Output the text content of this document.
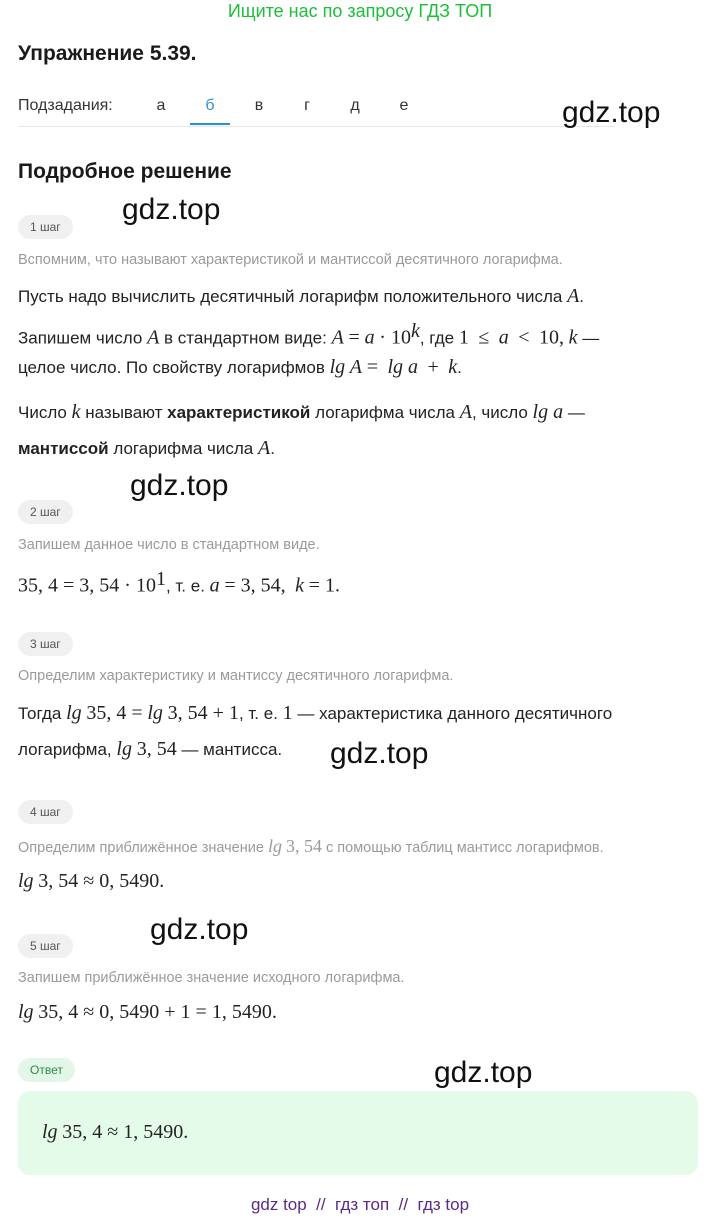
Ищите нас по запросу ГДЗ ТОП
Упражнение 5.39.
Подзадания:	а	б	в	г	д	е	gdz.top
Подробное решение
gdz.top
1 шаг
Вспомним, что называют характеристикой и мантиссой десятичного логарифма.
Пусть надо вычислить десятичный логарифм положительного числа A.
Запишем число A в стандартном виде: $A = a \cdot 10^k$, где 1 ≤ a < 10, k —
целое число. По свойству логарифмов lg A = lg a + k.
Число k называют характеристикой логарифма числа A, число lg a —
мантиссой логарифма числа A.
gdz.top
2 шаг
Запишем данное число в стандартном виде.
35, 4 = 3, $54 \cdot 10^1$, т. е. a = 3, 54, k = 1.
3 шаг
Определим характеристику и мантиссу десятичного логарифма.
Тогда lg 35, 4 = lg 3, 54 + 1, т. е. 1 — характеристика данного десятичного
логарифма, lg 3, 54 — мантисса. gdz.top
4 шаг
Определим приближённое значение lg 3, 54 с помощью таблиц мантисс логарифмов.
lg 3, 54 ≈ 0, 5490.
gdz.top
5 шаг
Запишем приближённое значение исходного логарифма.
lg 35, 4 ≈ 0, 5490 + 1 = 1, 5490.
gdz.top
Ответ
lg 35, 4 ≈ 1, 5490.
gdz top  //  гдз топ  //  гдз top
